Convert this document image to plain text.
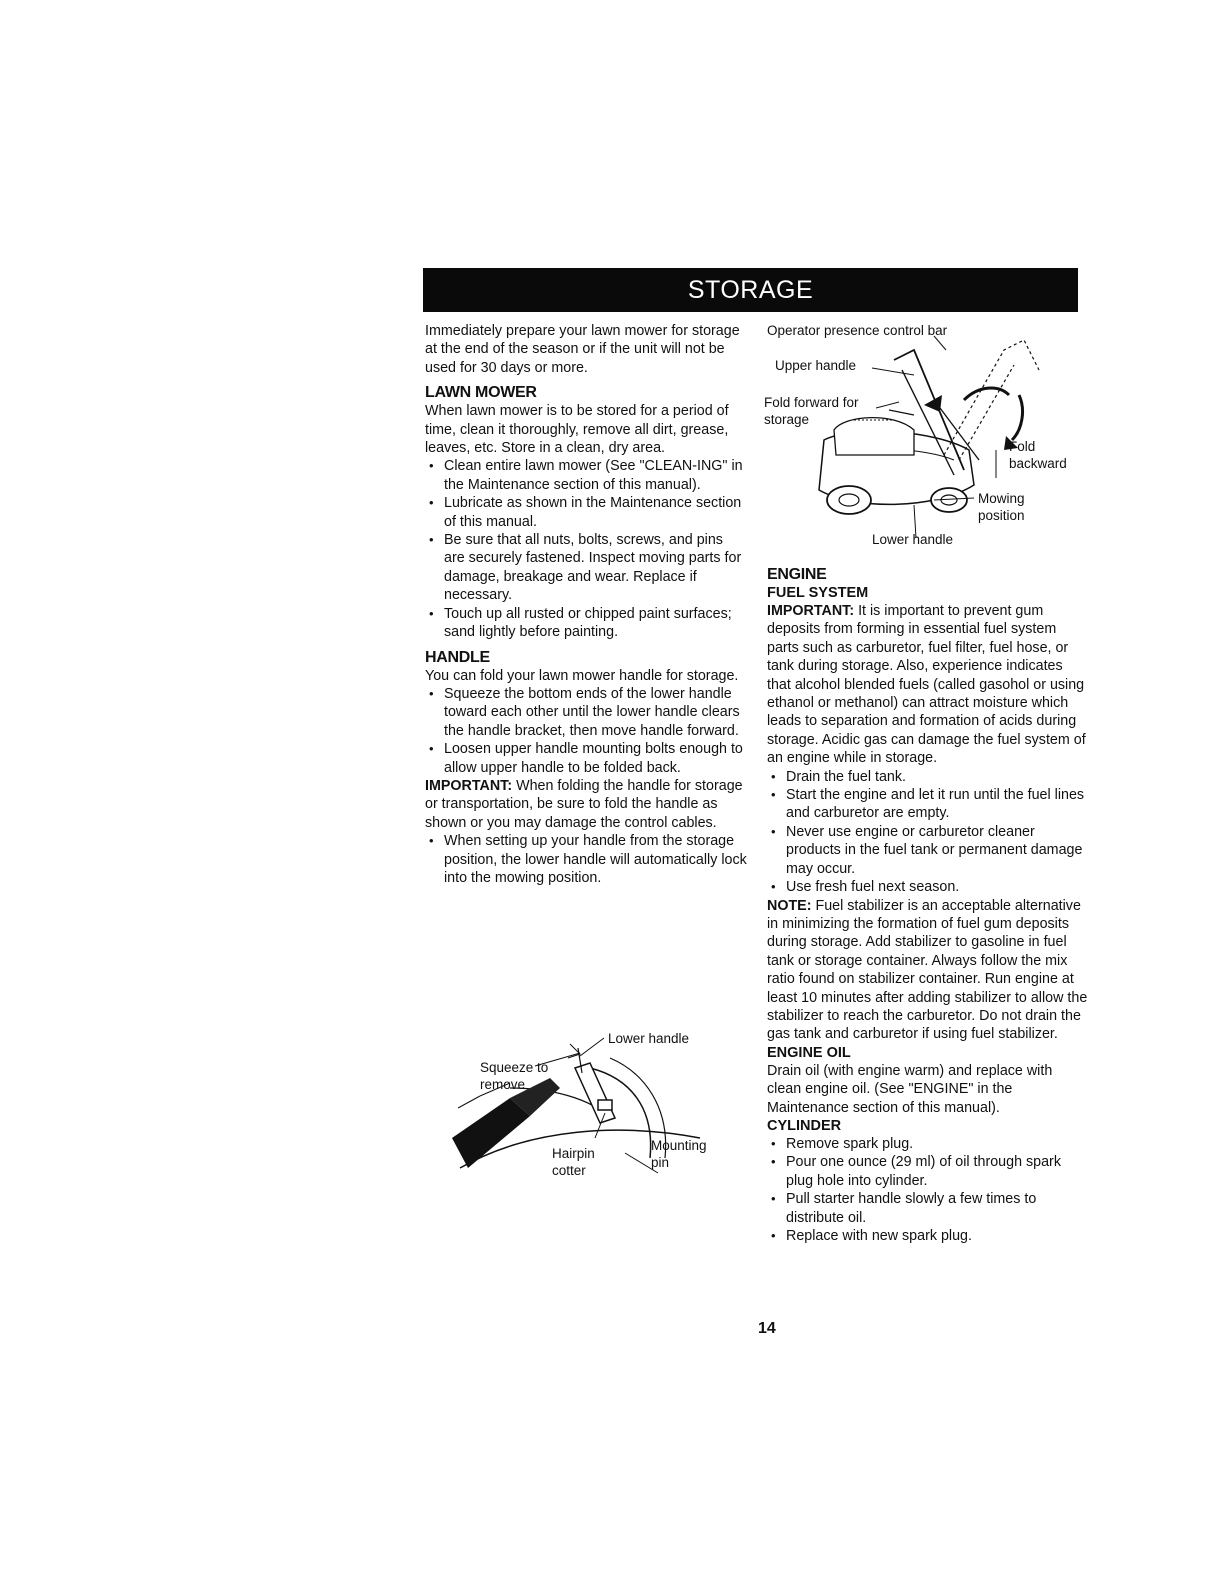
STORAGE

Immediately prepare your lawn mower for storage at the end of the season or if the unit will not be used for 30 days or more.

LAWN MOWER

When lawn mower is to be stored for a period of time, clean it thoroughly, remove all dirt, grease, leaves, etc. Store in a clean, dry area.

• Clean entire lawn mower (See "CLEAN-ING" in the Maintenance section of this manual).
• Lubricate as shown in the Maintenance section of this manual.
• Be sure that all nuts, bolts, screws, and pins are securely fastened. Inspect moving parts for damage, breakage and wear. Replace if necessary.
• Touch up all rusted or chipped paint surfaces; sand lightly before painting.
HANDLE

You can fold your lawn mower handle for storage.

• Squeeze the bottom ends of the lower handle toward each other until the lower handle clears the handle bracket, then move handle forward.
• Loosen upper handle mounting bolts enough to allow upper handle to be folded back.

IMPORTANT: When folding the handle for storage or transportation, be sure to fold the handle as shown or you may damage the control cables.

• When setting up your handle from the storage position, the lower handle will automatically lock into the mowing position.
Lower handle
Squeeze to
remove
Hairpin
cotter
Mounting
pin
Operator presence control bar
Upper handle
Fold forward for
storage
Fold
backward
Mowing
position
Lower handle
ENGINE
FUEL SYSTEM

IMPORTANT: It is important to prevent gum deposits from forming in essential fuel system parts such as carburetor, fuel filter, fuel hose, or tank during storage. Also, experience indicates that alcohol blended fuels (called gasohol or using ethanol or methanol) can attract moisture which leads to separation and formation of acids during storage. Acidic gas can damage the fuel system of an engine while in storage.

• Drain the fuel tank.
• Start the engine and let it run until the fuel lines and carburetor are empty.
• Never use engine or carburetor cleaner products in the fuel tank or permanent damage may occur.
• Use fresh fuel next season.

NOTE: Fuel stabilizer is an acceptable alternative in minimizing the formation of fuel gum deposits during storage. Add stabilizer to gasoline in fuel tank or storage container. Always follow the mix ratio found on stabilizer container. Run engine at least 10 minutes after adding stabilizer to allow the stabilizer to reach the carburetor. Do not drain the gas tank and carburetor if using fuel stabilizer.

ENGINE OIL

Drain oil (with engine warm) and replace with clean engine oil. (See "ENGINE" in the Maintenance section of this manual).

CYLINDER
• Remove spark plug.
• Pour one ounce (29 ml) of oil through spark plug hole into cylinder.
• Pull starter handle slowly a few times to distribute oil.
• Replace with new spark plug.
14
